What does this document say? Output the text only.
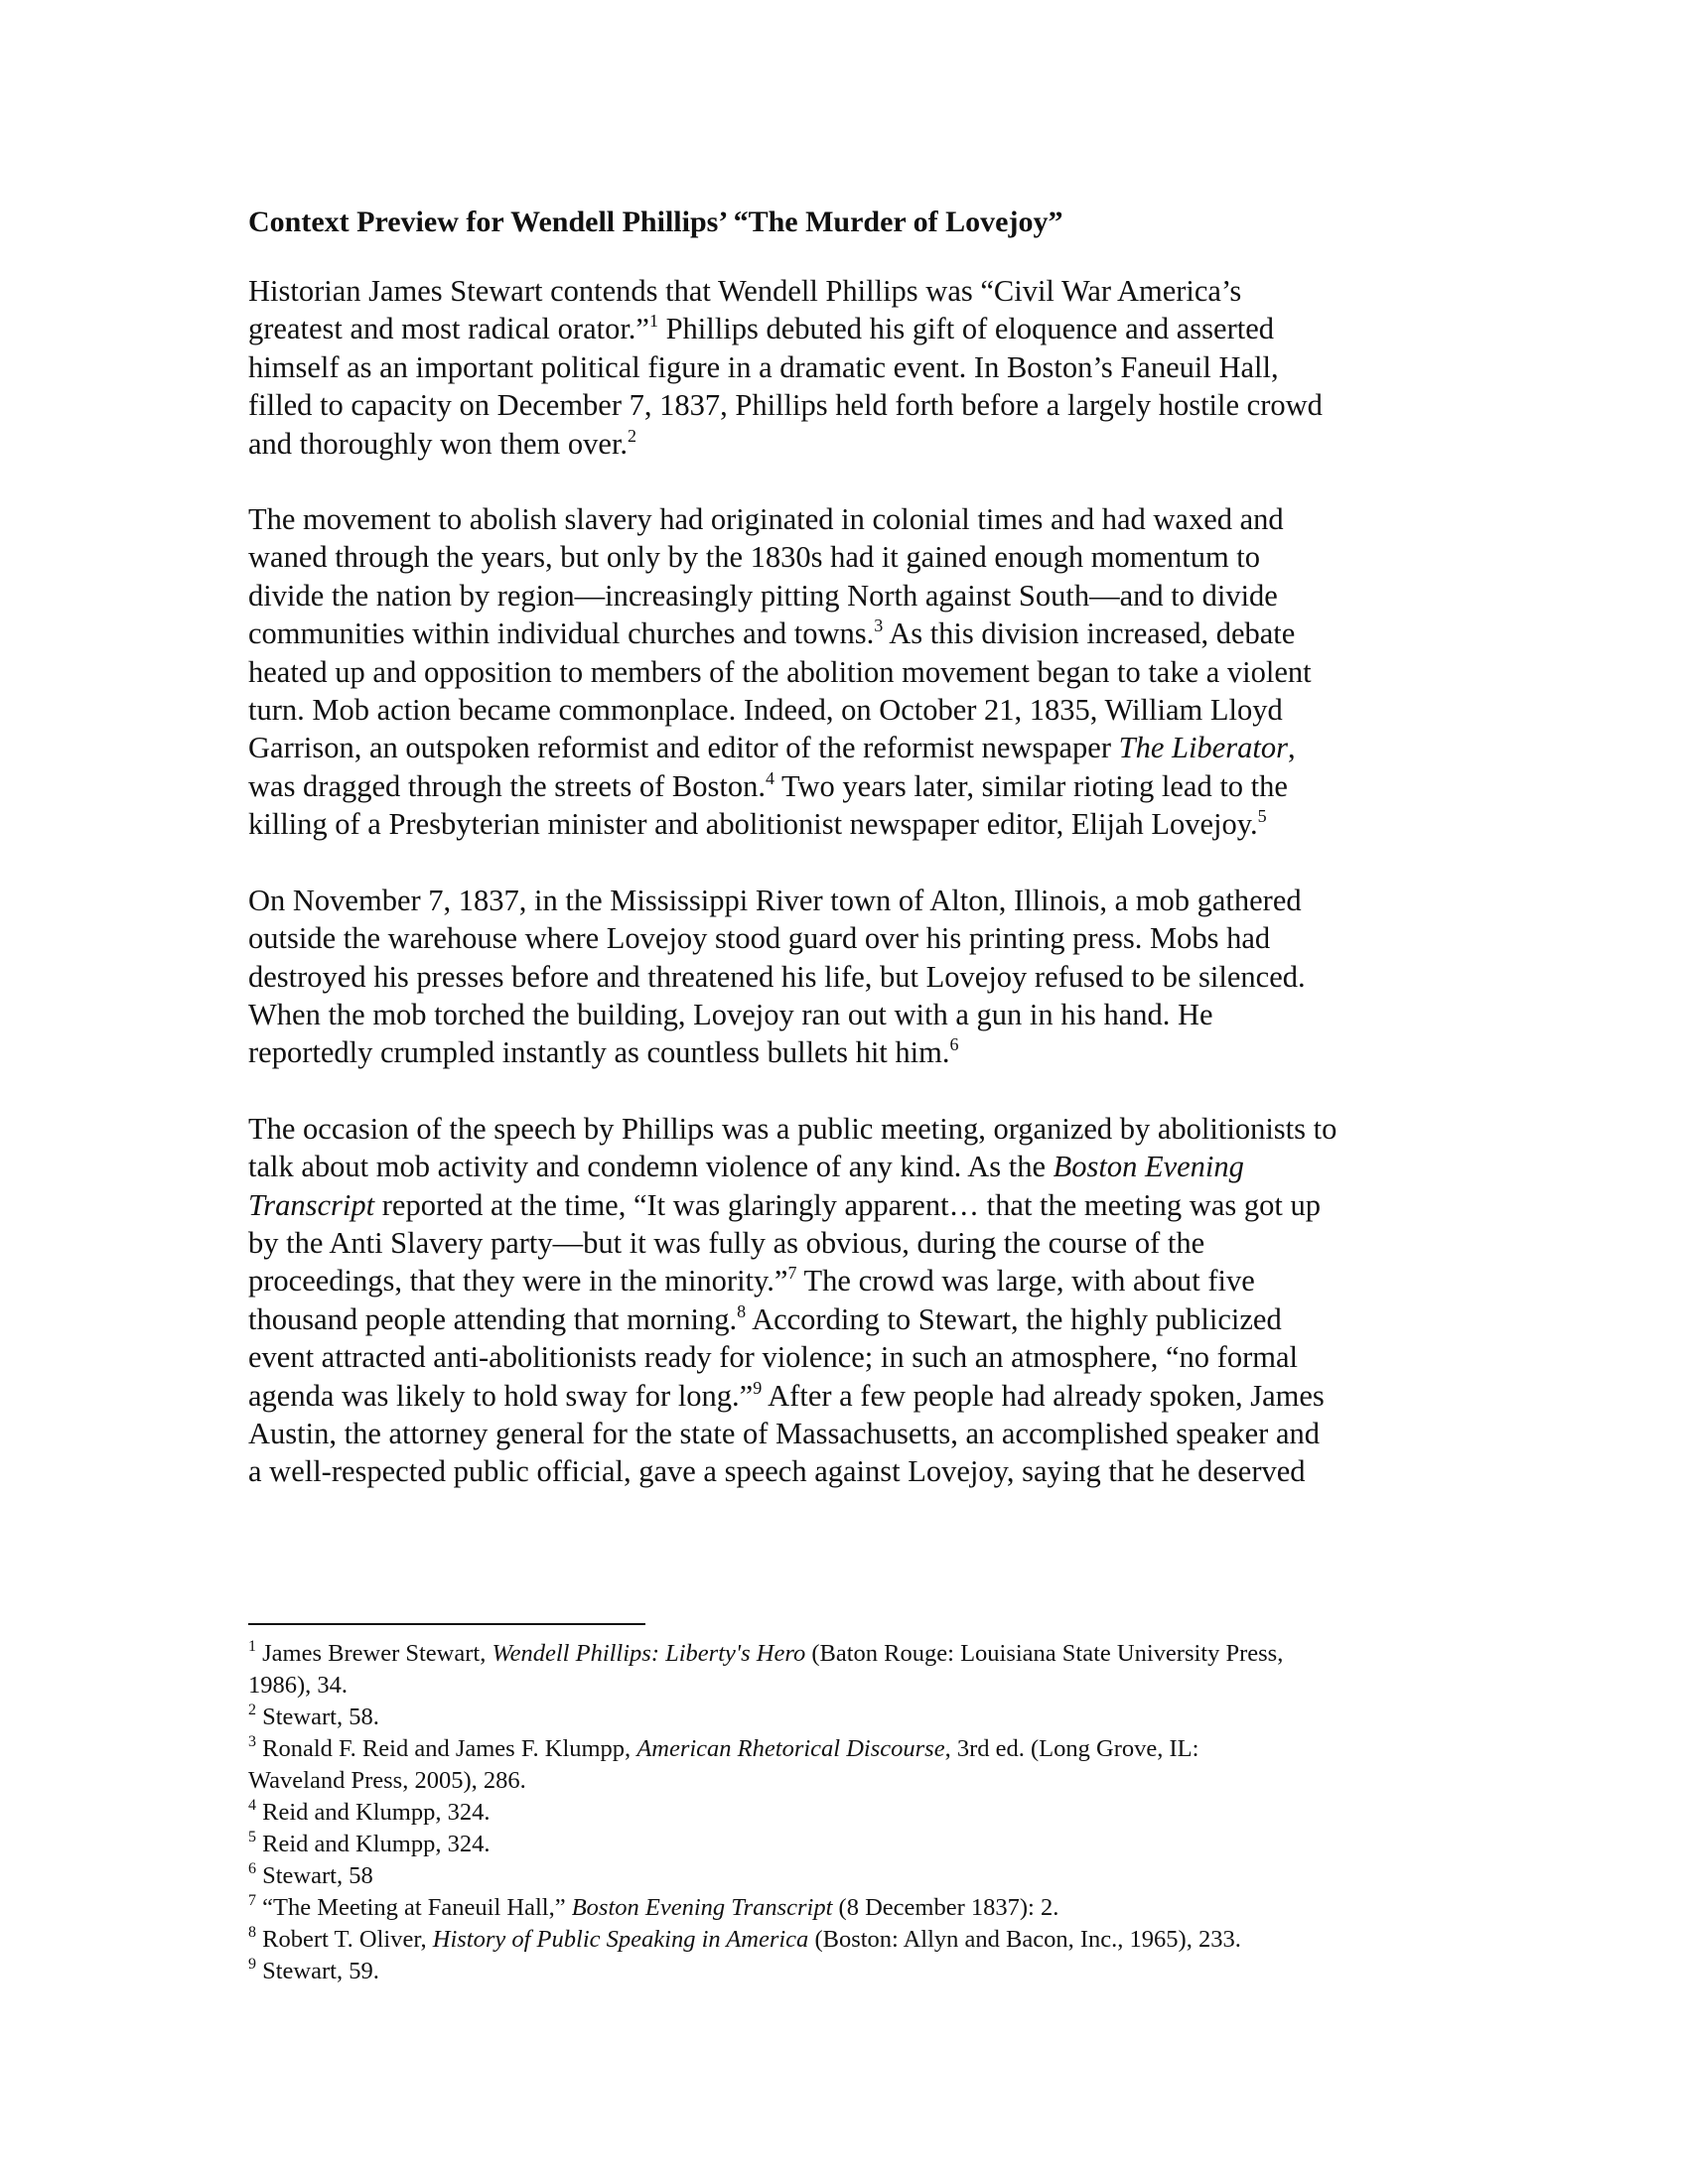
Context Preview for Wendell Phillips’ “The Murder of Lovejoy”
Historian James Stewart contends that Wendell Phillips was “Civil War America’s
greatest and most radical orator.”$^1$ Phillips debuted his gift of eloquence and asserted
himself as an important political figure in a dramatic event. In Boston’s Faneuil Hall,
filled to capacity on December 7, 1837, Phillips held forth before a largely hostile crowd
and thoroughly won them over.$^2$
The movement to abolish slavery had originated in colonial times and had waxed and
waned through the years, but only by the 1830s had it gained enough momentum to
divide the nation by region—increasingly pitting North against South—and to divide
communities within individual churches and towns.$^3$ As this division increased, debate
heated up and opposition to members of the abolition movement began to take a violent
turn. Mob action became commonplace. Indeed, on October 21, 1835, William Lloyd
Garrison, an outspoken reformist and editor of the reformist newspaper The Liberator,
was dragged through the streets of Boston.$^4$ Two years later, similar rioting lead to the
killing of a Presbyterian minister and abolitionist newspaper editor, Elijah Lovejoy.$^5$
On November 7, 1837, in the Mississippi River town of Alton, Illinois, a mob gathered
outside the warehouse where Lovejoy stood guard over his printing press. Mobs had
destroyed his presses before and threatened his life, but Lovejoy refused to be silenced.
When the mob torched the building, Lovejoy ran out with a gun in his hand. He
reportedly crumpled instantly as countless bullets hit him.$^6$
The occasion of the speech by Phillips was a public meeting, organized by abolitionists to
talk about mob activity and condemn violence of any kind. As the Boston Evening
Transcript reported at the time, “It was glaringly apparent… that the meeting was got up
by the Anti Slavery party—but it was fully as obvious, during the course of the
proceedings, that they were in the minority.”$^7$ The crowd was large, with about five
thousand people attending that morning.$^8$ According to Stewart, the highly publicized
event attracted anti-abolitionists ready for violence; in such an atmosphere, “no formal
agenda was likely to hold sway for long.”$^9$ After a few people had already spoken, James
Austin, the attorney general for the state of Massachusetts, an accomplished speaker and
a well-respected public official, gave a speech against Lovejoy, saying that he deserved
$^1$ James Brewer Stewart, Wendell Phillips: Liberty's Hero (Baton Rouge: Louisiana State University Press,
1986), 34.
$^2$ Stewart, 58.
$^3$ Ronald F. Reid and James F. Klumpp, American Rhetorical Discourse, 3rd ed. (Long Grove, IL:
Waveland Press, 2005), 286.
$^4$ Reid and Klumpp, 324.
$^5$ Reid and Klumpp, 324.
$^6$ Stewart, 58
$^7$ “The Meeting at Faneuil Hall,” Boston Evening Transcript (8 December 1837): 2.
$^8$ Robert T. Oliver, History of Public Speaking in America (Boston: Allyn and Bacon, Inc., 1965), 233.
$^9$ Stewart, 59.
